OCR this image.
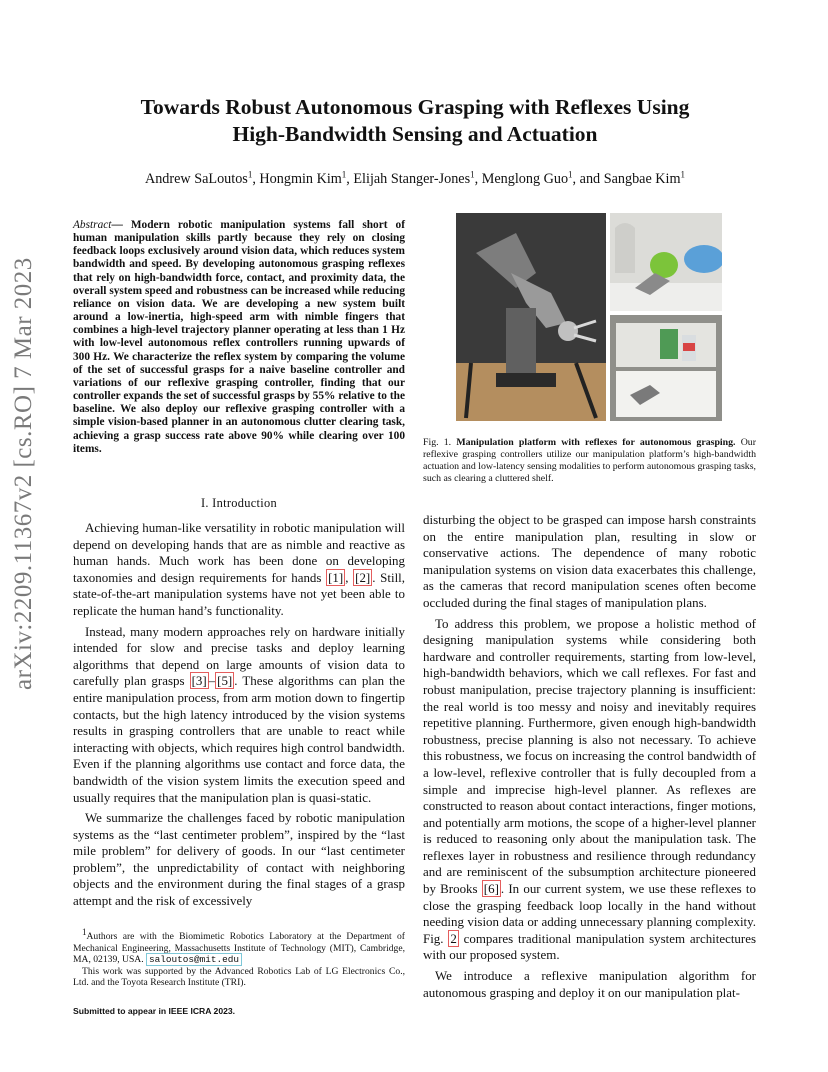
arXiv:2209.11367v2 [cs.RO] 7 Mar 2023
Towards Robust Autonomous Grasping with Reflexes Using
High-Bandwidth Sensing and Actuation
Andrew SaLoutos$^1$, Hongmin Kim$^1$, Elijah Stanger-Jones$^1$, Menglong Guo$^1$, and Sangbae Kim$^1$
Abstract— Modern robotic manipulation systems fall short of human manipulation skills partly because they rely on closing feedback loops exclusively around vision data, which reduces system bandwidth and speed. By developing autonomous grasping reflexes that rely on high-bandwidth force, contact, and proximity data, the overall system speed and robustness can be increased while reducing reliance on vision data. We are developing a new system built around a low-inertia, high-speed arm with nimble fingers that combines a high-level trajectory planner operating at less than 1 Hz with low-level autonomous reflex controllers running upwards of 300 Hz. We characterize the reflex system by comparing the volume of the set of successful grasps for a naive baseline controller and variations of our reflexive grasping controller, finding that our controller expands the set of successful grasps by 55% relative to the baseline. We also deploy our reflexive grasping controller with a simple vision-based planner in an autonomous clutter clearing task, achieving a grasp success rate above 90% while clearing over 100 items.
I. Introduction

Achieving human-like versatility in robotic manipulation will depend on developing hands that are as nimble and reactive as human hands. Much work has been done on developing taxonomies and design requirements for hands [1] , [2] . Still, state-of-the-art manipulation systems have not yet been able to replicate the human hand’s functionality.

Instead, many modern approaches rely on hardware initially intended for slow and precise tasks and deploy learning algorithms that depend on large amounts of vision data to carefully plan grasps [3] – [5] . These algorithms can plan the entire manipulation process, from arm motion down to fingertip contacts, but the high latency introduced by the vision systems results in grasping controllers that are unable to react while interacting with objects, which requires high control bandwidth. Even if the planning algorithms use contact and force data, the bandwidth of the vision system limits the execution speed and usually requires that the manipulation plan is quasi-static.

We summarize the challenges faced by robotic manipulation systems as the “last centimeter problem”, inspired by the “last mile problem” for delivery of goods. In our “last centimeter problem”, the unpredictability of contact with neighboring objects and the environment during the final stages of a grasp attempt and the risk of excessively

$^1$Authors are with the Biomimetic Robotics Laboratory at the Department of Mechanical Engineering, Massachusetts Institute of Technology (MIT), Cambridge, MA, 02139, USA. saloutos@mit.edu

This work was supported by the Advanced Robotics Lab of LG Electronics Co., Ltd. and the Toyota Research Institute (TRI).

Submitted to appear in IEEE ICRA 2023.
Fig. 1. Manipulation platform with reflexes for autonomous grasping. Our reflexive grasping controllers utilize our manipulation platform’s high-bandwidth actuation and low-latency sensing modalities to perform autonomous grasping tasks, such as clearing a cluttered shelf.

disturbing the object to be grasped can impose harsh constraints on the entire manipulation plan, resulting in slow or conservative actions. The dependence of many robotic manipulation systems on vision data exacerbates this challenge, as the cameras that record manipulation scenes often become occluded during the final stages of manipulation plans.

To address this problem, we propose a holistic method of designing manipulation systems while considering both hardware and controller requirements, starting from low-level, high-bandwidth behaviors, which we call reflexes. For fast and robust manipulation, precise trajectory planning is insufficient: the real world is too messy and noisy and inevitably requires repetitive planning. Furthermore, given enough high-bandwidth robustness, precise planning is also not necessary. To achieve this robustness, we focus on increasing the control bandwidth of a low-level, reflexive controller that is fully decoupled from a simple and imprecise high-level planner. As reflexes are constructed to reason about contact interactions, finger motions, and potentially arm motions, the scope of a higher-level planner is reduced to reasoning only about the manipulation task. The reflexes layer in robustness and resilience through redundancy and are reminiscent of the subsumption architecture pioneered by Brooks [6] . In our current system, we use these reflexes to close the grasping feedback loop locally in the hand without needing vision data or adding unnecessary planning complexity. Fig. 2 compares traditional manipulation system architectures with our proposed system.

We introduce a reflexive manipulation algorithm for autonomous grasping and deploy it on our manipulation plat-
